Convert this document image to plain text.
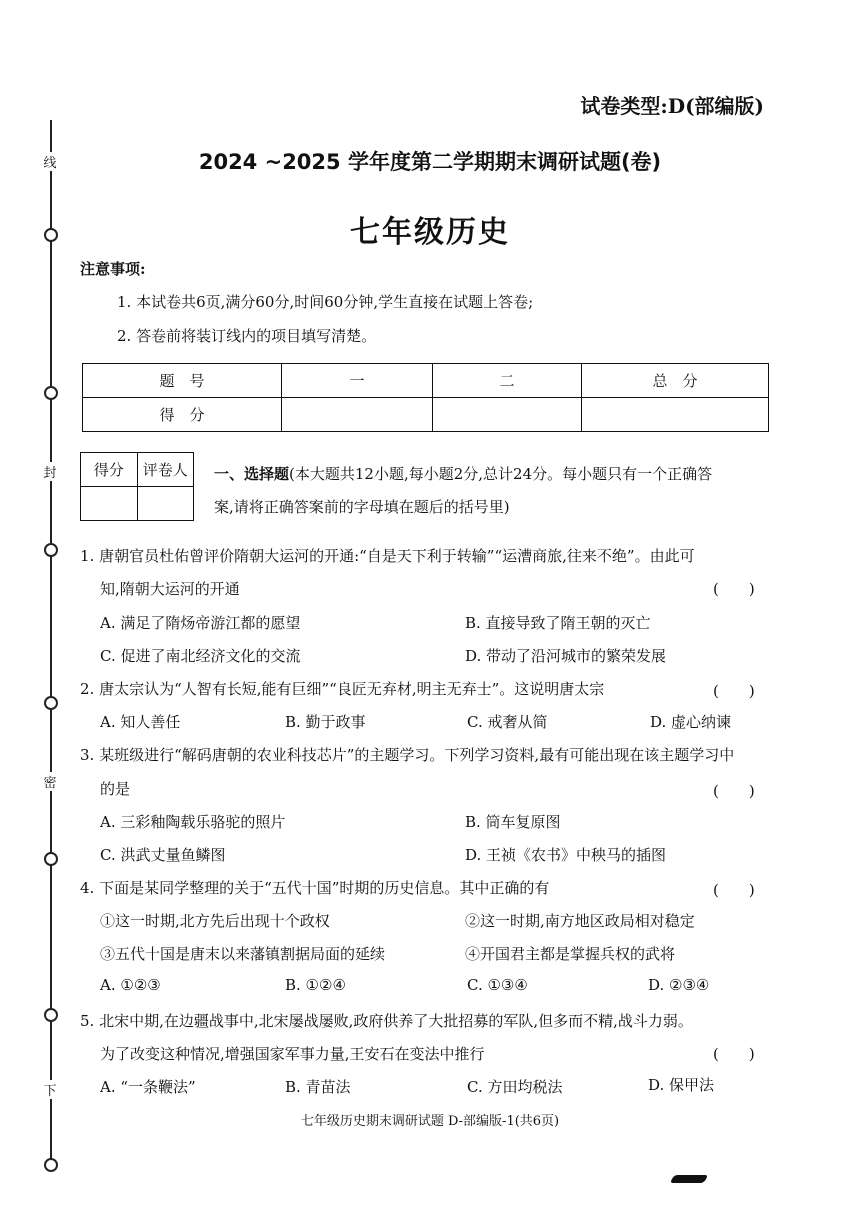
线
封
密
下
试卷类型:D(部编版)
2024 ~2025 学年度第二学期期末调研试题(卷)
七年级历史
注意事项:
1. 本试卷共6页,满分60分,时间60分钟,学生直接在试题上答卷;
2. 答卷前将装订线内的项目填写清楚。
题　号	一	二	总　分
得　分			
得分	评卷人
	一、选择题(本大题共12小题,每小题2分,总计24分。每小题只有一个正确答
案,请将正确答案前的字母填在题后的括号里)
1. 唐朝官员杜佑曾评价隋朝大运河的开通:“自是天下利于转输”“运漕商旅,往来不绝”。由此可
知,隋朝大运河的开通	(　　)
A. 满足了隋炀帝游江都的愿望	B. 直接导致了隋王朝的灭亡
C. 促进了南北经济文化的交流	D. 带动了沿河城市的繁荣发展
2. 唐太宗认为“人智有长短,能有巨细”“良匠无弃材,明主无弃士”。这说明唐太宗	(　　)
A. 知人善任	B. 勤于政事	C. 戒奢从简	D. 虚心纳谏
3. 某班级进行“解码唐朝的农业科技芯片”的主题学习。下列学习资料,最有可能出现在该主题学习中
的是	(　　)
A. 三彩釉陶载乐骆驼的照片	B. 筒车复原图
C. 洪武丈量鱼鳞图	D. 王祯《农书》中秧马的插图
4. 下面是某同学整理的关于“五代十国”时期的历史信息。其中正确的有	(　　)
①这一时期,北方先后出现十个政权	②这一时期,南方地区政局相对稳定
③五代十国是唐末以来藩镇割据局面的延续	④开国君主都是掌握兵权的武将
A. ①②③	B. ①②④	C. ①③④	D. ②③④
5. 北宋中期,在边疆战事中,北宋屡战屡败,政府供养了大批招募的军队,但多而不精,战斗力弱。
为了改变这种情况,增强国家军事力量,王安石在变法中推行	(　　)
A. “一条鞭法”	B. 青苗法	C. 方田均税法	D. 保甲法
七年级历史期末调研试题 D-部编版-1(共6页)
